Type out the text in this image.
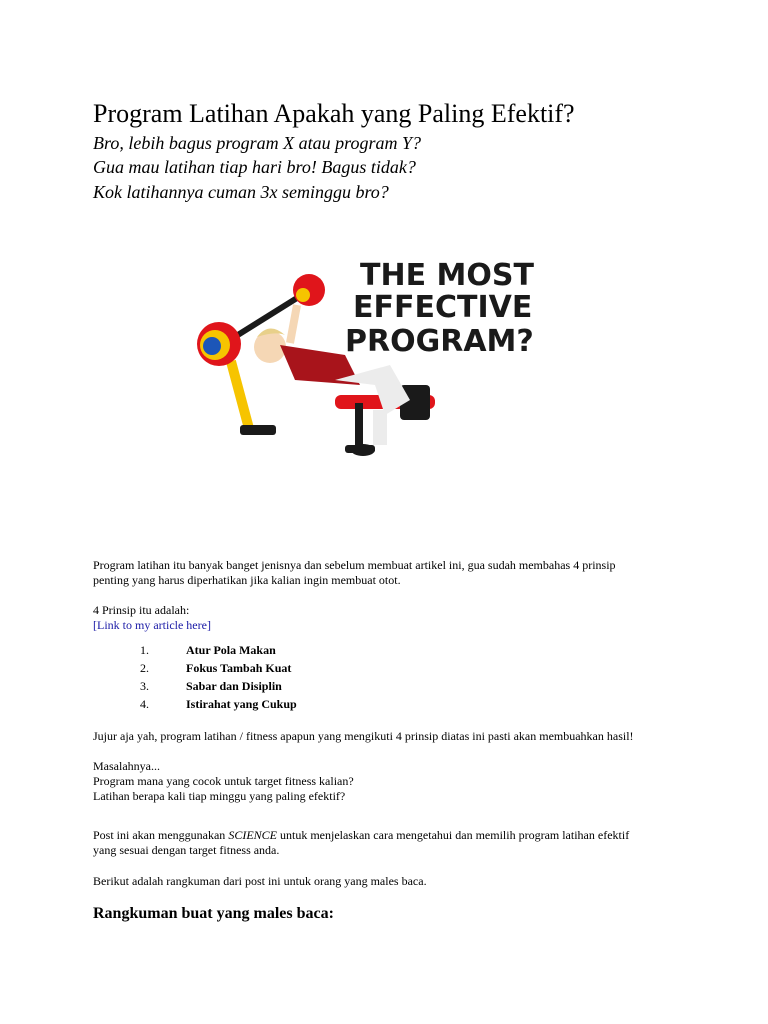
Program Latihan Apakah yang Paling Efektif?
Bro, lebih bagus program X atau program Y?
Gua mau latihan tiap hari bro! Bagus tidak?
Kok latihannya cuman 3x seminggu bro?
THE MOST
EFFECTIVE
PROGRAM?
Program latihan itu banyak banget jenisnya dan sebelum membuat artikel ini, gua sudah membahas 4 prinsip
penting yang harus diperhatikan jika kalian ingin membuat otot.
4 Prinsip itu adalah:
[Link to my article here]
1.	Atur Pola Makan
2.	Fokus Tambah Kuat
3.	Sabar dan Disiplin
4.	Istirahat yang Cukup
Jujur aja yah, program latihan / fitness apapun yang mengikuti 4 prinsip diatas ini pasti akan membuahkan hasil!
Masalahnya...
Program mana yang cocok untuk target fitness kalian?
Latihan berapa kali tiap minggu yang paling efektif?
Post ini akan menggunakan SCIENCE untuk menjelaskan cara mengetahui dan memilih program latihan efektif
yang sesuai dengan target fitness anda.
Berikut adalah rangkuman dari post ini untuk orang yang males baca.
Rangkuman buat yang males baca:
